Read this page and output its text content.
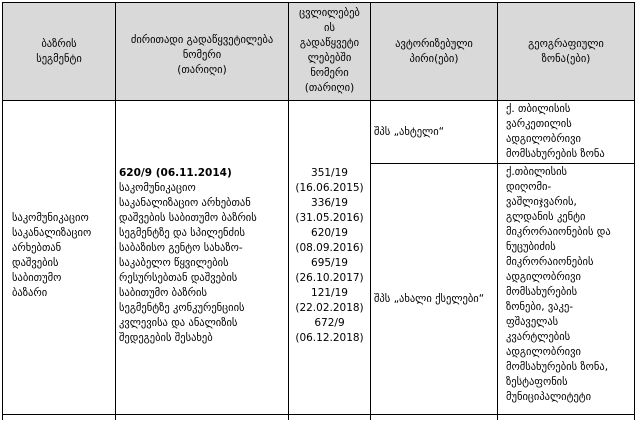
ბაზრის
სეგმენტი
ძირითადი გადაწყვეტილება
ნომერი
(თარიღი)
ცვლილებებ
ის
გადაწყვეტი
ლებებში
ნომერი
(თარიღი)
ავტორიზებული
პირი(ები)
გეოგრაფიული
ზონა(ები)
საკომუნიკაციო
საკანალიზაციო
არხებთან
დაშვების
საბითუმო
ბაზარი
620/9 (06.11.2014)
საკომუნიკაციო
საკანალიზაციო არხებთან
დაშვების საბითუმო ბაზრის
სეგმენტზე და სპილენძის
საბაზისო გენტო სახაზო-
საკაბელო წყვილების
რესურსებთან დაშვების
საბითუმო ბაზრის
სეგმენტზე კონკურენციის
კვლევისა და ანალიზის
შედეგების შესახებ
351/19
(16.06.2015)
336/19
(31.05.2016)
620/19
(08.09.2016)
695/19
(26.10.2017)
121/19
(22.02.2018)
672/9
(06.12.2018)
შპს „ახტელი“
შპს „ახალი ქსელები“
ქ. თბილისის
ვარკეთილის
ადგილობრივი
მომსახურების ზონა
ქ.თბილისის
დიღომი-
ვაშლიჯვარის,
გლდანის კენტი
მიკრორაიონების და
ნუცუბიძის
მიკრორაიონების
ადგილობრივი
მომსახურების
ზონები, ვაკე-
ფშაველას
კვარტლების
ადგილობრივი
მომსახურების ზონა,
ზესტაფონის
მუნიციპალიტეტი
